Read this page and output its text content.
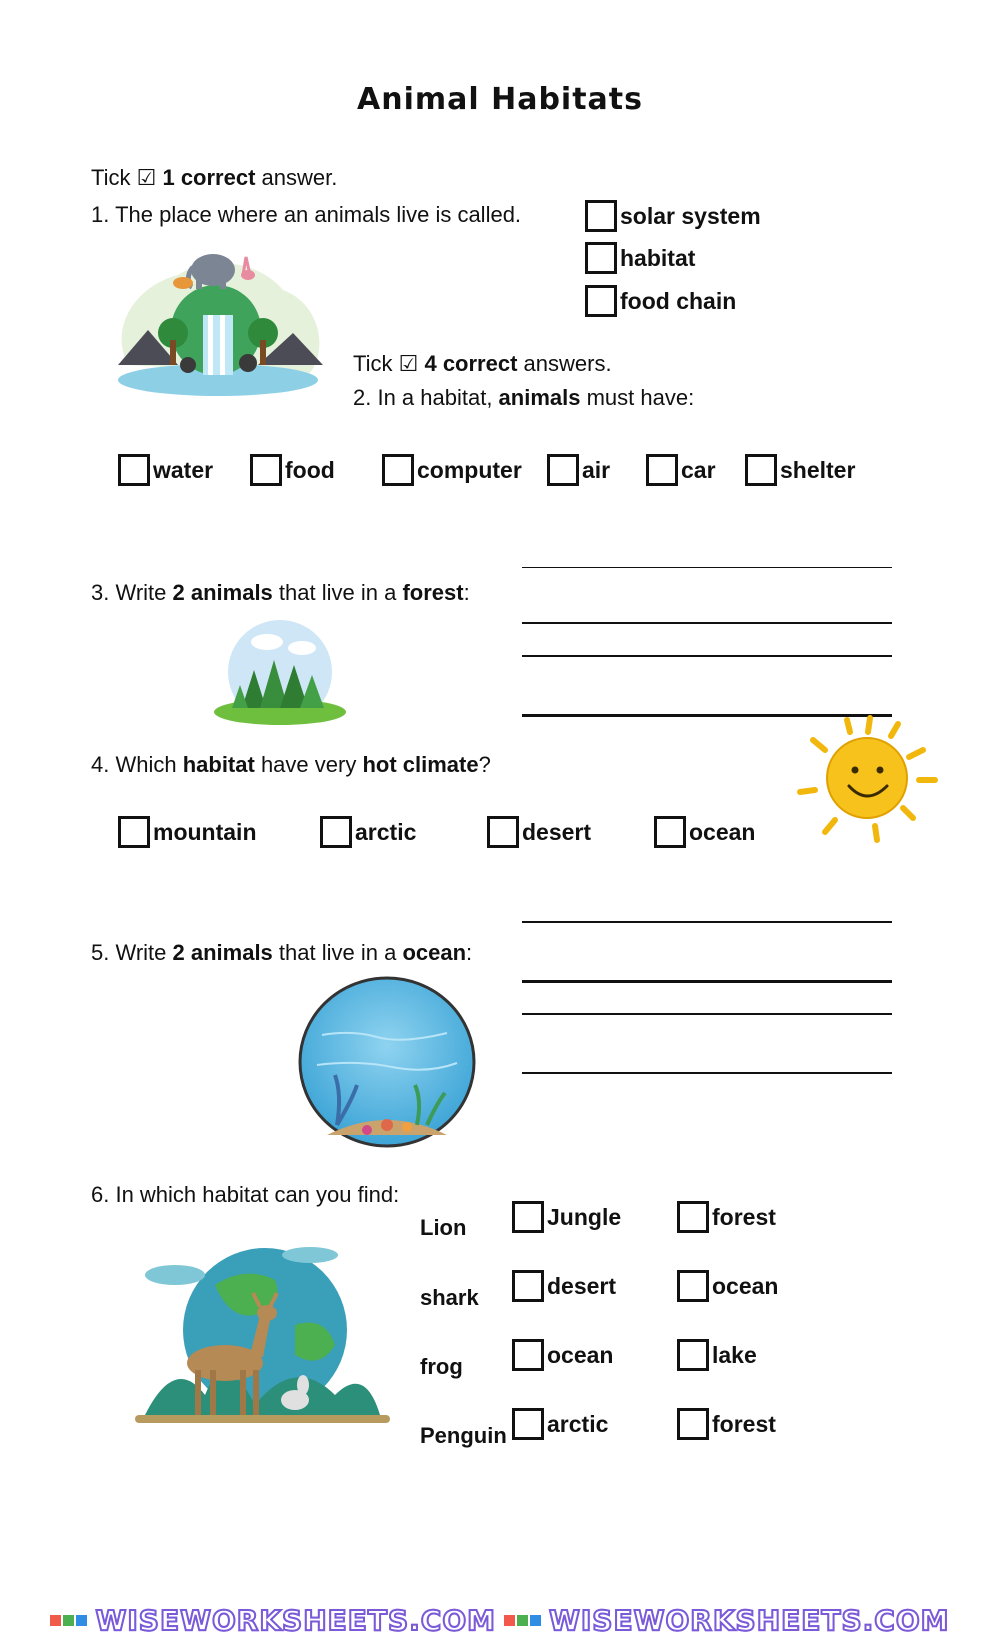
Animal Habitats
Tick ☑ 1 correct answer.
1. The place where an animals live is called.	solar system
habitat
food chain
Tick ☑ 4 correct answers.
2. In a habitat, animals must have:
water	food	computer	air	car	shelter
3. Write 2 animals that live in a forest:
4. Which habitat have very hot climate?
mountain	arctic	desert	ocean
5. Write 2 animals that live in a ocean:
6. In which habitat can you find:
Lion	Jungle	forest
shark	desert	ocean
frog	ocean	lake
Penguin arctic	forest
WISEWORKSHEETS.COM WISEWORKSHEETS.COM
